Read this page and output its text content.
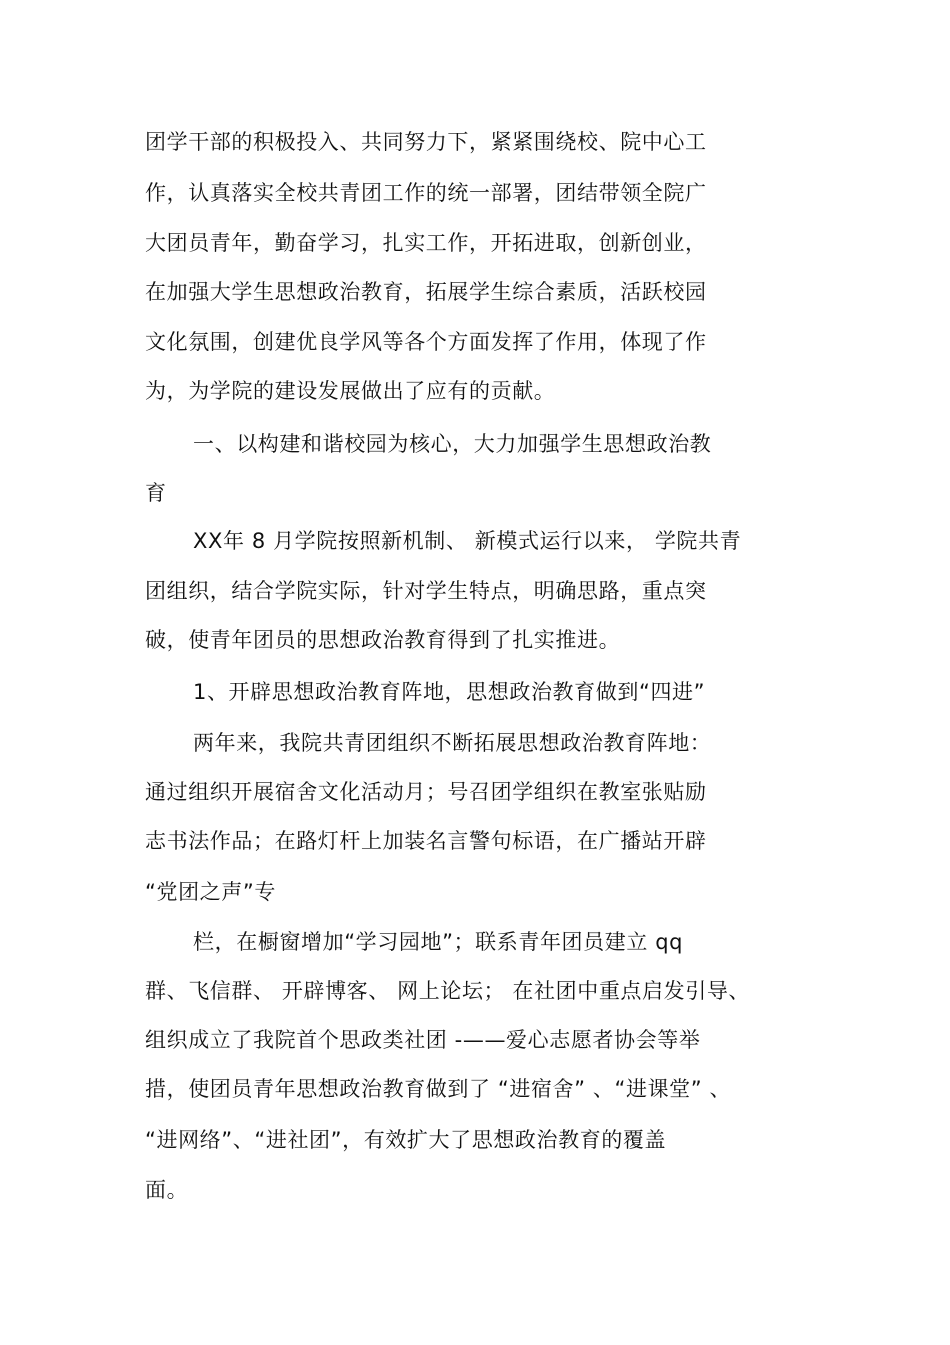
团学干部的积极投入、共同努力下，紧紧围绕校、院中心工
作，认真落实全校共青团工作的统一部署，团结带领全院广
大团员青年，勤奋学习，扎实工作，开拓进取，创新创业，
在加强大学生思想政治教育，拓展学生综合素质，活跃校园
文化氛围，创建优良学风等各个方面发挥了作用，体现了作
为，为学院的建设发展做出了应有的贡献。
一、以构建和谐校园为核心，大力加强学生思想政治教
育
XX年 8 月学院按照新机制、 新模式运行以来， 学院共青
团组织，结合学院实际，针对学生特点，明确思路，重点突
破，使青年团员的思想政治教育得到了扎实推进。
1、开辟思想政治教育阵地，思想政治教育做到“四进”
两年来，我院共青团组织不断拓展思想政治教育阵地：
通过组织开展宿舍文化活动月；号召团学组织在教室张贴励
志书法作品；在路灯杆上加装名言警句标语，在广播站开辟
“党团之声”专
栏，在橱窗增加“学习园地”；联系青年团员建立 qq
群、飞信群、 开辟博客、 网上论坛； 在社团中重点启发引导、
组织成立了我院首个思政类社团 -——爱心志愿者协会等举
措，使团员青年思想政治教育做到了 “进宿舍” 、“进课堂” 、
“进网络”、“进社团”，有效扩大了思想政治教育的覆盖
面。
